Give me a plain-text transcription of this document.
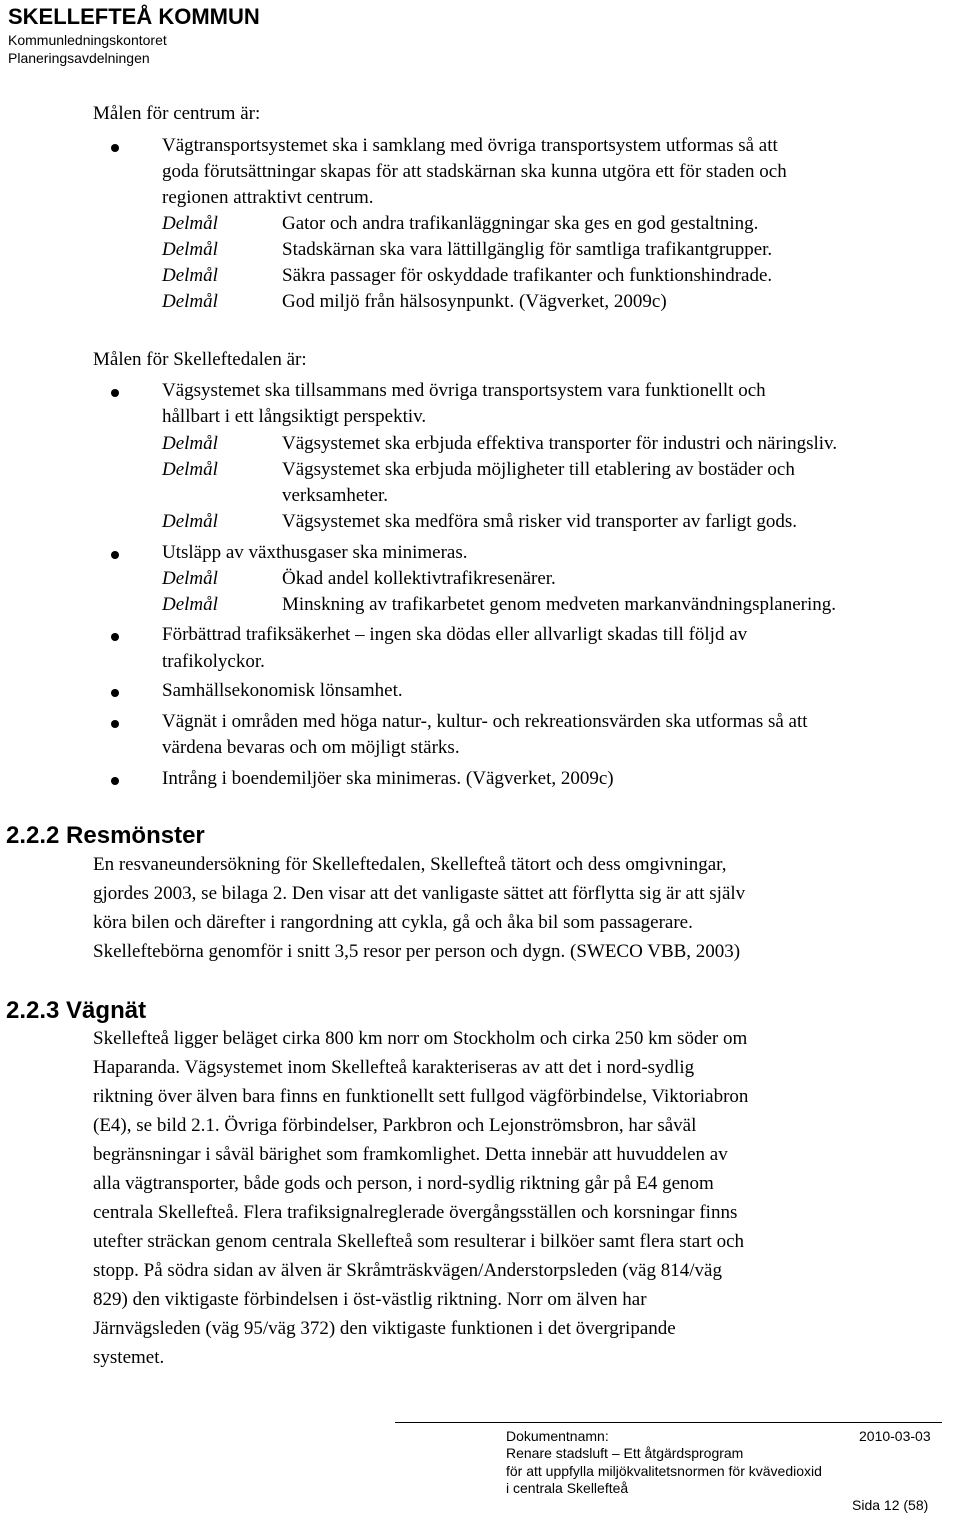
SKELLEFTEÅ KOMMUN
Kommunledningskontoret
Planeringsavdelningen
Målen för centrum är:
Vägtransportsystemet ska i samklang med övriga transportsystem utformas så att
goda förutsättningar skapas för att stadskärnan ska kunna utgöra ett för staden och
regionen attraktivt centrum.
Delmål	Gator och andra trafikanläggningar ska ges en god gestaltning.
Delmål	Stadskärnan ska vara lättillgänglig för samtliga trafikantgrupper.
Delmål	Säkra passager för oskyddade trafikanter och funktionshindrade.
Delmål	God miljö från hälsosynpunkt. (Vägverket, 2009c)
Målen för Skelleftedalen är:
Vägsystemet ska tillsammans med övriga transportsystem vara funktionellt och
hållbart i ett långsiktigt perspektiv.
Delmål	Vägsystemet ska erbjuda effektiva transporter för industri och näringsliv.
Delmål	Vägsystemet ska erbjuda möjligheter till etablering av bostäder och
verksamheter.
Delmål	Vägsystemet ska medföra små risker vid transporter av farligt gods.
Utsläpp av växthusgaser ska minimeras.
Delmål	Ökad andel kollektivtrafikresenärer.
Delmål	Minskning av trafikarbetet genom medveten markanvändningsplanering.
Förbättrad trafiksäkerhet – ingen ska dödas eller allvarligt skadas till följd av
trafikolyckor.
Samhällsekonomisk lönsamhet.
Vägnät i områden med höga natur-, kultur- och rekreationsvärden ska utformas så att
värdena bevaras och om möjligt stärks.
Intrång i boendemiljöer ska minimeras. (Vägverket, 2009c)
2.2.2 Resmönster
En resvaneundersökning för Skelleftedalen, Skellefteå tätort och dess omgivningar,
gjordes 2003, se bilaga 2. Den visar att det vanligaste sättet att förflytta sig är att själv
köra bilen och därefter i rangordning att cykla, gå och åka bil som passagerare.
Skelleftebörna genomför i snitt 3,5 resor per person och dygn. (SWECO VBB, 2003)
2.2.3 Vägnät
Skellefteå ligger beläget cirka 800 km norr om Stockholm och cirka 250 km söder om
Haparanda. Vägsystemet inom Skellefteå karakteriseras av att det i nord-sydlig
riktning över älven bara finns en funktionellt sett fullgod vägförbindelse, Viktoriabron
(E4), se bild 2.1. Övriga förbindelser, Parkbron och Lejonströmsbron, har såväl
begränsningar i såväl bärighet som framkomlighet. Detta innebär att huvuddelen av
alla vägtransporter, både gods och person, i nord-sydlig riktning går på E4 genom
centrala Skellefteå. Flera trafiksignalreglerade övergångsställen och korsningar finns
utefter sträckan genom centrala Skellefteå som resulterar i bilköer samt flera start och
stopp. På södra sidan av älven är Skråmträskvägen/Anderstorpsleden (väg 814/väg
829) den viktigaste förbindelsen i öst-västlig riktning. Norr om älven har
Järnvägsleden (väg 95/väg 372) den viktigaste funktionen i det övergripande
systemet.
Dokumentnamn:	2010-03-03
Renare stadsluft – Ett åtgärdsprogram
för att uppfylla miljökvalitetsnormen för kvävedioxid
i centrala Skellefteå
Sida 12 (58)
